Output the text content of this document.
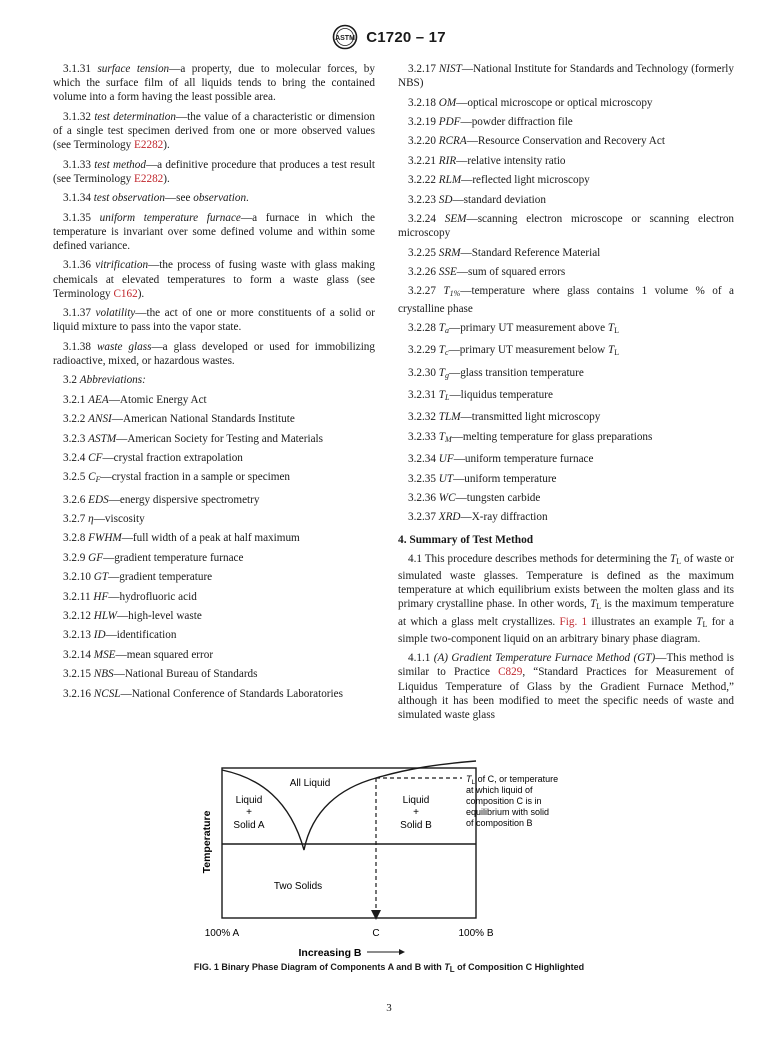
ASTM C1720 – 17

3.1.31 surface tension—a property, due to molecular forces, by which the surface film of all liquids tends to bring the contained volume into a form having the least possible area.

3.1.32 test determination—the value of a characteristic or dimension of a single test specimen derived from one or more observed values (see Terminology E2282).

3.1.33 test method—a definitive procedure that produces a test result (see Terminology E2282).

3.1.34 test observation—see observation.

3.1.35 uniform temperature furnace—a furnace in which the temperature is invariant over some defined volume and within some defined variance.

3.1.36 vitrification—the process of fusing waste with glass making chemicals at elevated temperatures to form a waste glass (see Terminology C162).

3.1.37 volatility—the act of one or more constituents of a solid or liquid mixture to pass into the vapor state.

3.1.38 waste glass—a glass developed or used for immobilizing radioactive, mixed, or hazardous wastes.

3.2 Abbreviations:

3.2.1 AEA—Atomic Energy Act

3.2.2 ANSI—American National Standards Institute

3.2.3 ASTM—American Society for Testing and Materials

3.2.4 CF—crystal fraction extrapolation

3.2.5 $C_F—crystal$ fraction in a sample or specimen

3.2.6 EDS—energy dispersive spectrometry

3.2.7 η—viscosity

3.2.8 FWHM—full width of a peak at half maximum

3.2.9 GF—gradient temperature furnace

3.2.10 GT—gradient temperature

3.2.11 HF—hydrofluoric acid

3.2.12 HLW—high-level waste

3.2.13 ID—identification

3.2.14 MSE—mean squared error

3.2.15 NBS—National Bureau of Standards

3.2.16 NCSL—National Conference of Standards Laboratories

3.2.17 NIST—National Institute for Standards and Technology (formerly NBS)

3.2.18 OM—optical microscope or optical microscopy

3.2.19 PDF—powder diffraction file

3.2.20 RCRA—Resource Conservation and Recovery Act

3.2.21 RIR—relative intensity ratio

3.2.22 RLM—reflected light microscopy

3.2.23 SD—standard deviation

3.2.24 SEM—scanning electron microscope or scanning electron microscopy

3.2.25 SRM—Standard Reference Material

3.2.26 SSE—sum of squared errors

3.2.27 $T_{1\%}—temperature$ where glass contains 1 volume % of a crystalline phase

3.2.28 $T_a—primary$ UT measurement above $T_L$

3.2.29 $T_c—primary$ UT measurement below $T_L$

3.2.30 $T_g—glass$ transition temperature

3.2.31 $T_L—liquidus$ temperature

3.2.32 TLM—transmitted light microscopy

3.2.33 $T_M—melting$ temperature for glass preparations

3.2.34 UF—uniform temperature furnace

3.2.35 UT—uniform temperature

3.2.36 WC—tungsten carbide

3.2.37 XRD—X-ray diffraction

4. Summary of Test Method

4.1 This procedure describes methods for determining the $T_L$ of waste or simulated waste glasses. Temperature is defined as the maximum temperature at which equilibrium exists between the molten glass and its primary crystalline phase. In other words, $T_L$ is the maximum temperature at which a glass melt crystallizes. Fig. 1 illustrates an example $T_L$ for a simple two-component liquid on an arbitrary binary phase diagram.

4.1.1 (A) Gradient Temperature Furnace Method (GT)—This method is similar to Practice C829, “Standard Practices for Measurement of Liquidus Temperature of Glass by the Gradient Furnace Method,” although it has been modified to meet the specific needs of waste and simulated waste glass

All Liquid
Liquid
+
Solid A
Liquid
+
Solid B
Two Solids
Temperature
100% A	C	100% B
Increasing B
$T_L$ of C, or temperature
at which liquid of
composition C is in
equilibrium with solid
of composition B
FIG. 1 Binary Phase Diagram of Components A and B with $T_L$ of Composition C Highlighted
3
